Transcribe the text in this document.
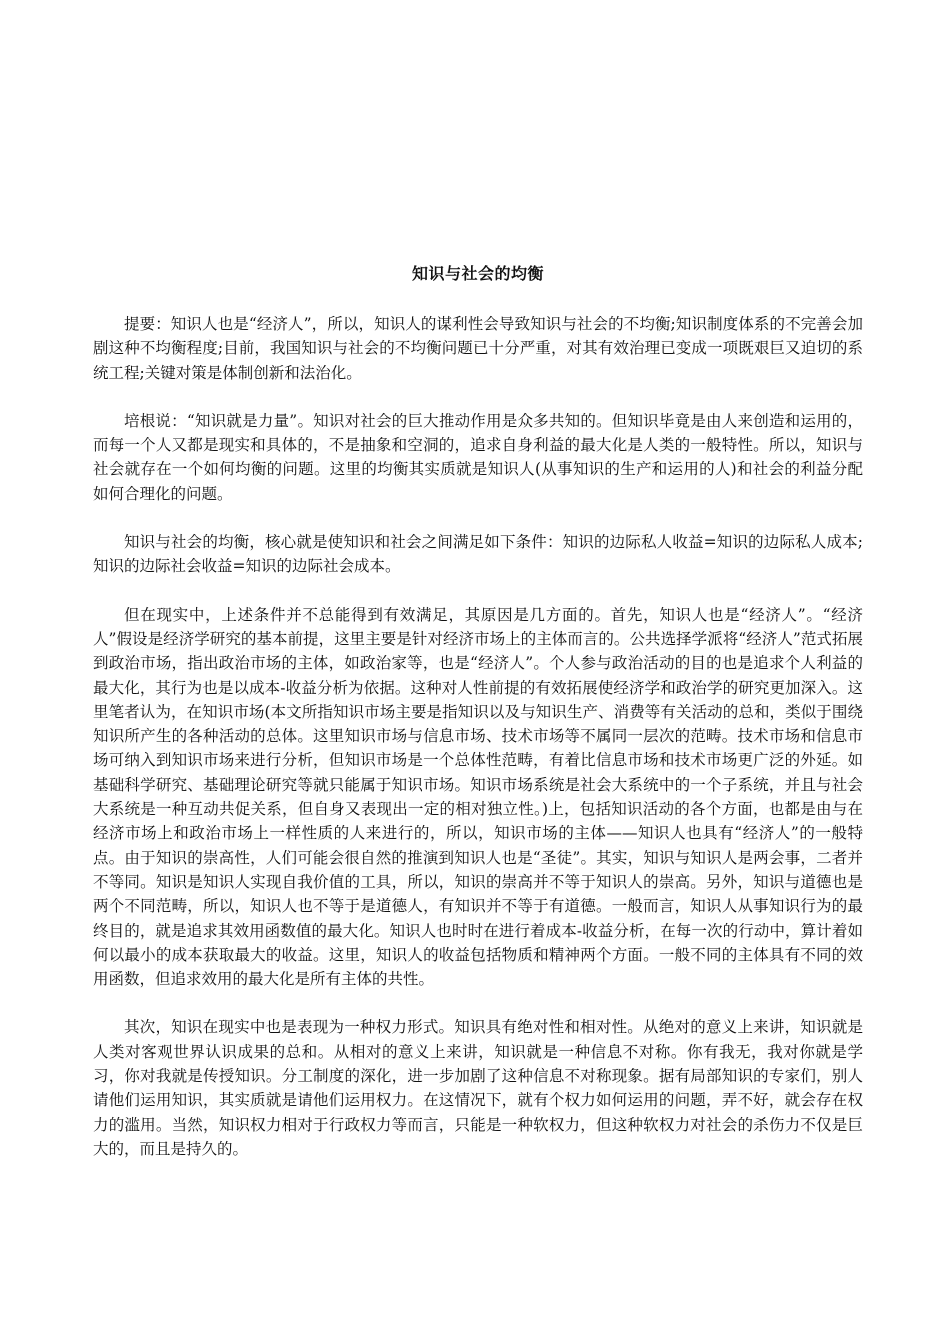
知识与社会的均衡

提要：知识人也是“经济人”，所以，知识人的谋利性会导致知识与社会的不均衡;知识制度体系的不完善会加剧这种不均衡程度;目前，我国知识与社会的不均衡问题已十分严重，对其有效治理已变成一项既艰巨又迫切的系统工程;关键对策是体制创新和法治化。

培根说：“知识就是力量”。知识对社会的巨大推动作用是众多共知的。但知识毕竟是由人来创造和运用的，而每一个人又都是现实和具体的，不是抽象和空洞的，追求自身利益的最大化是人类的一般特性。所以，知识与社会就存在一个如何均衡的问题。这里的均衡其实质就是知识人(从事知识的生产和运用的人)和社会的利益分配如何合理化的问题。

知识与社会的均衡，核心就是使知识和社会之间满足如下条件：知识的边际私人收益=知识的边际私人成本;知识的边际社会收益=知识的边际社会成本。

但在现实中，上述条件并不总能得到有效满足，其原因是几方面的。首先，知识人也是“经济人”。“经济人”假设是经济学研究的基本前提，这里主要是针对经济市场上的主体而言的。公共选择学派将“经济人”范式拓展到政治市场，指出政治市场的主体，如政治家等，也是“经济人”。个人参与政治活动的目的也是追求个人利益的最大化，其行为也是以成本-收益分析为依据。这种对人性前提的有效拓展使经济学和政治学的研究更加深入。这里笔者认为，在知识市场(本文所指知识市场主要是指知识以及与知识生产、消费等有关活动的总和，类似于围绕知识所产生的各种活动的总体。这里知识市场与信息市场、技术市场等不属同一层次的范畴。技术市场和信息市场可纳入到知识市场来进行分析，但知识市场是一个总体性范畴，有着比信息市场和技术市场更广泛的外延。如基础科学研究、基础理论研究等就只能属于知识市场。知识市场系统是社会大系统中的一个子系统，并且与社会大系统是一种互动共促关系，但自身又表现出一定的相对独立性。)上，包括知识活动的各个方面，也都是由与在经济市场上和政治市场上一样性质的人来进行的，所以，知识市场的主体——知识人也具有“经济人”的一般特点。由于知识的崇高性，人们可能会很自然的推演到知识人也是“圣徒”。其实，知识与知识人是两会事，二者并不等同。知识是知识人实现自我价值的工具，所以，知识的崇高并不等于知识人的崇高。另外，知识与道德也是两个不同范畴，所以，知识人也不等于是道德人，有知识并不等于有道德。一般而言，知识人从事知识行为的最终目的，就是追求其效用函数值的最大化。知识人也时时在进行着成本-收益分析，在每一次的行动中，算计着如何以最小的成本获取最大的收益。这里，知识人的收益包括物质和精神两个方面。一般不同的主体具有不同的效用函数，但追求效用的最大化是所有主体的共性。

其次，知识在现实中也是表现为一种权力形式。知识具有绝对性和相对性。从绝对的意义上来讲，知识就是人类对客观世界认识成果的总和。从相对的意义上来讲，知识就是一种信息不对称。你有我无，我对你就是学习，你对我就是传授知识。分工制度的深化，进一步加剧了这种信息不对称现象。据有局部知识的专家们，别人请他们运用知识，其实质就是请他们运用权力。在这情况下，就有个权力如何运用的问题，弄不好，就会存在权力的滥用。当然，知识权力相对于行政权力等而言，只能是一种软权力，但这种软权力对社会的杀伤力不仅是巨大的，而且是持久的。
